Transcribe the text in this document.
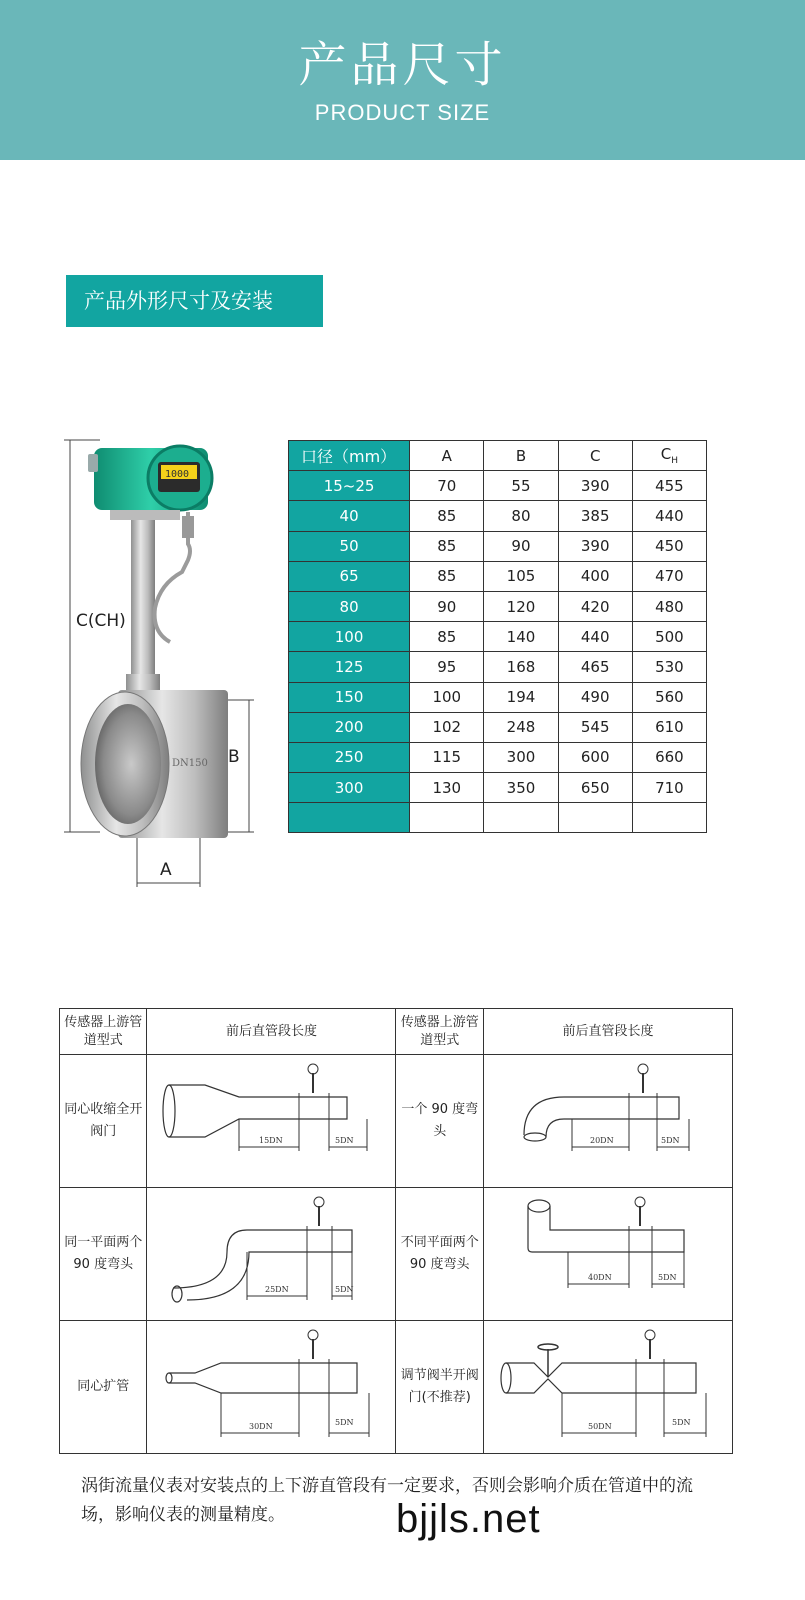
产品尺寸
PRODUCT SIZE
产品外形尺寸及安装
C(CH)
B
A
1000
DN150
口径（mm）	A	B	C	$C_H$
15~25	70	55	390	455
40	85	80	385	440
50	85	90	390	450
65	85	105	400	470
80	90	120	420	480
100	85	140	440	500
125	95	168	465	530
150	100	194	490	560
200	102	248	545	610
250	115	300	600	660
300	130	350	650	710

传感器上游管道型式	前后直管段长度	传感器上游管道型式	前后直管段长度
同心收缩全开阀门	15DN 5DN	一个 90 度弯头	20DN 5DN

同一平面两个 90 度弯头	25DN 5DN	不同平面两个 90 度弯头	40DN 5DN

同心扩管	30DN 5DN	调节阀半开阀门(不推荐)	50DN 5DN
涡街流量仪表对安装点的上下游直管段有一定要求，否则会影响介质在管道中的流场，影响仪表的测量精度。	bjjls.net
